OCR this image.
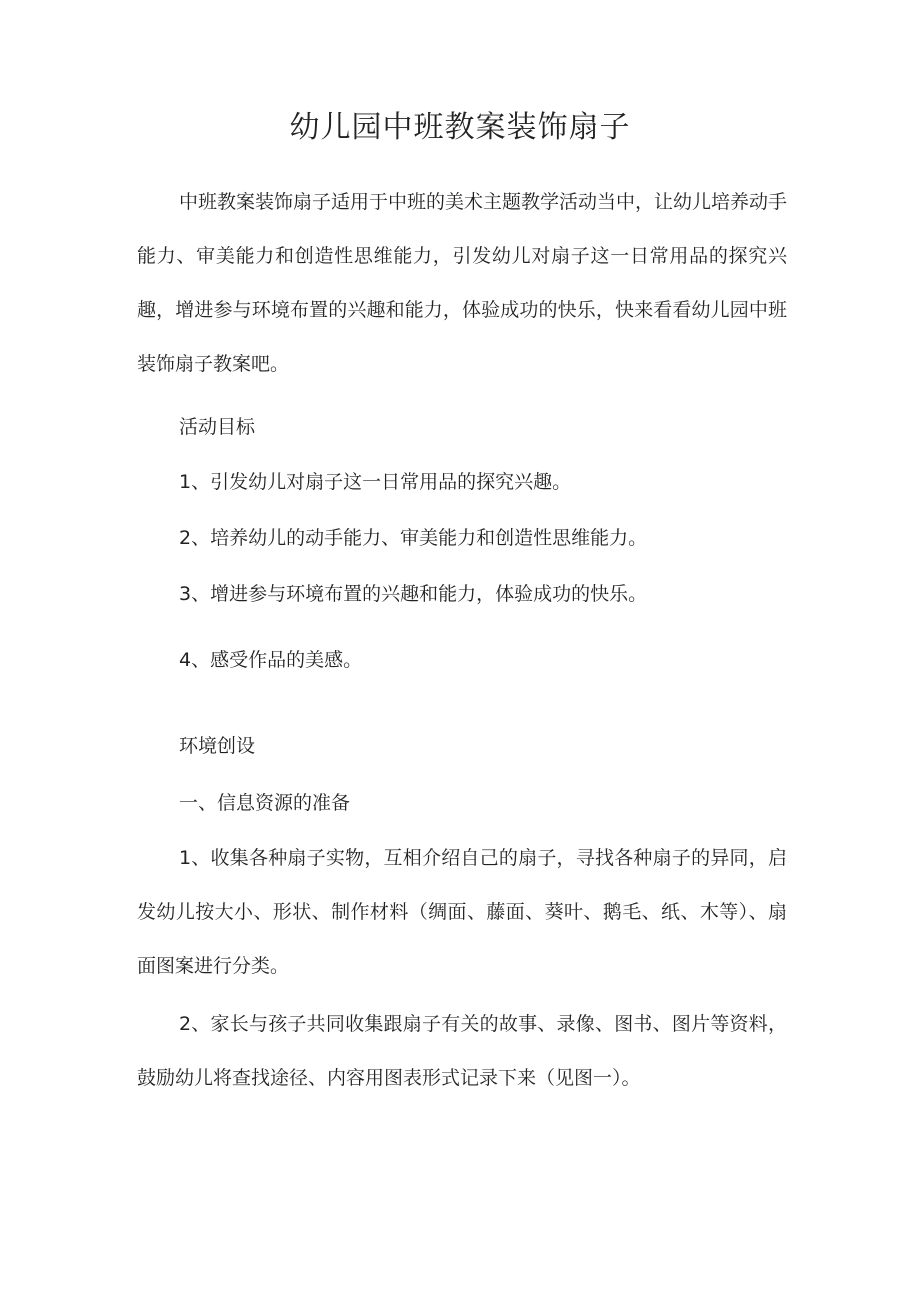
幼儿园中班教案装饰扇子

中班教案装饰扇子适用于中班的美术主题教学活动当中，让幼儿培养动手能力、审美能力和创造性思维能力，引发幼儿对扇子这一日常用品的探究兴趣，增进参与环境布置的兴趣和能力，体验成功的快乐，快来看看幼儿园中班装饰扇子教案吧。

活动目标

1、引发幼儿对扇子这一日常用品的探究兴趣。

2、培养幼儿的动手能力、审美能力和创造性思维能力。

3、增进参与环境布置的兴趣和能力，体验成功的快乐。

4、感受作品的美感。

环境创设

一、信息资源的准备

1、收集各种扇子实物，互相介绍自己的扇子，寻找各种扇子的异同，启发幼儿按大小、形状、制作材料（绸面、藤面、葵叶、鹅毛、纸、木等）、扇面图案进行分类。

2、家长与孩子共同收集跟扇子有关的故事、录像、图书、图片等资料，鼓励幼儿将查找途径、内容用图表形式记录下来（见图一）。
